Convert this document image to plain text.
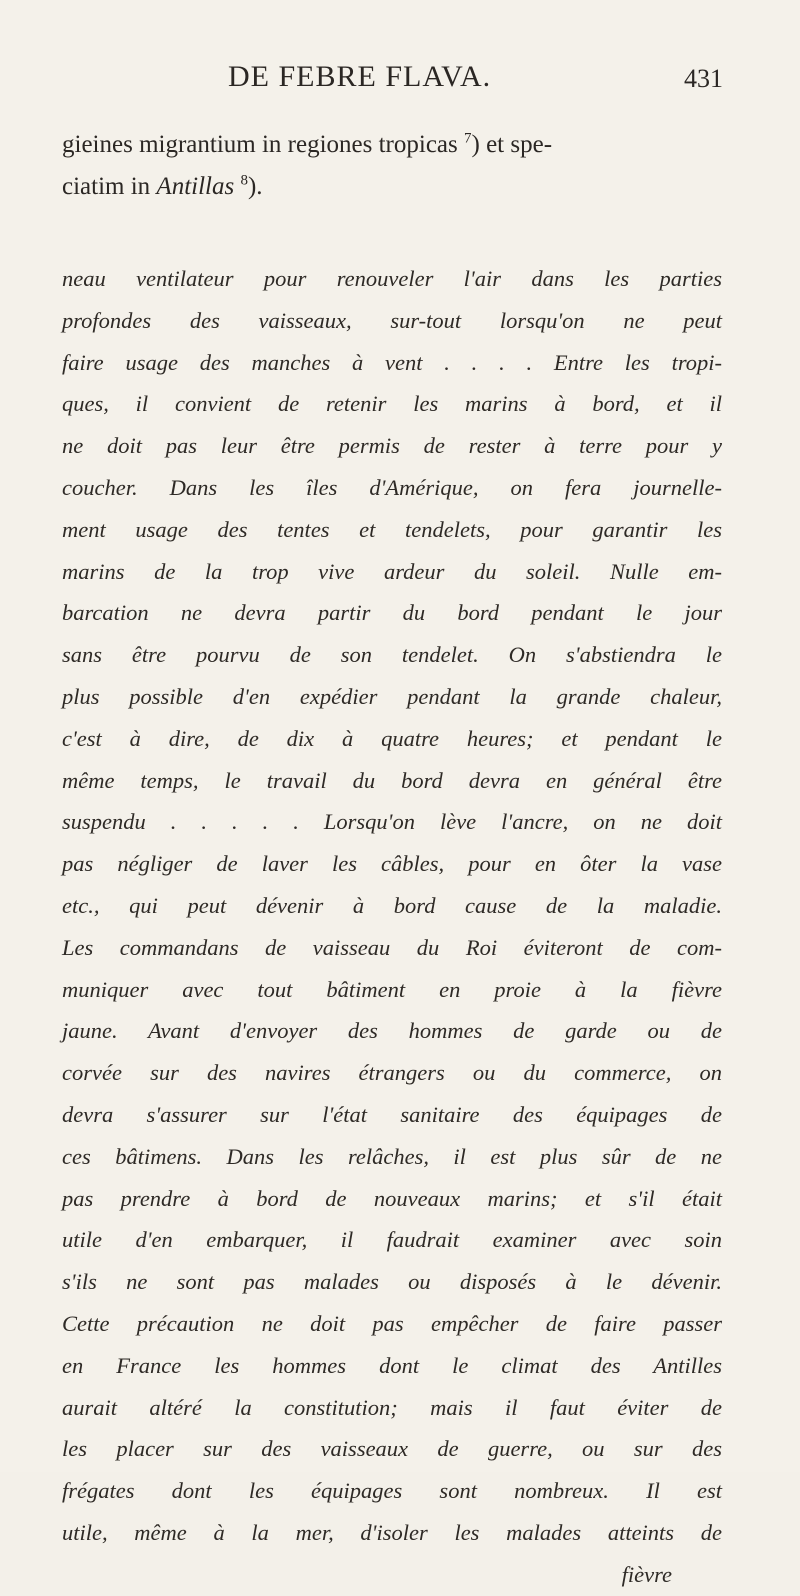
DE FEBRE FLAVA.	431
gieines migrantium in regiones tropicas $^7$) et spe-
ciatim in Antillas $^8$).
neau ventilateur pour renouveler l'air dans les parties
profondes des vaisseaux, sur-tout lorsqu'on ne peut
faire usage des manches à vent . . . . Entre les tropi-
ques, il convient de retenir les marins à bord, et il
ne doit pas leur être permis de rester à terre pour y
coucher. Dans les îles d'Amérique, on fera journelle-
ment usage des tentes et tendelets, pour garantir les
marins de la trop vive ardeur du soleil. Nulle em-
barcation ne devra partir du bord pendant le jour
sans être pourvu de son tendelet. On s'abstiendra le
plus possible d'en expédier pendant la grande chaleur,
c'est à dire, de dix à quatre heures; et pendant le
même temps, le travail du bord devra en général être
suspendu . . . . . Lorsqu'on lève l'ancre, on ne doit
pas négliger de laver les câbles, pour en ôter la vase
etc., qui peut dévenir à bord cause de la maladie.
Les commandans de vaisseau du Roi éviteront de com-
muniquer avec tout bâtiment en proie à la fièvre
jaune. Avant d'envoyer des hommes de garde ou de
corvée sur des navires étrangers ou du commerce, on
devra s'assurer sur l'état sanitaire des équipages de
ces bâtimens. Dans les relâches, il est plus sûr de ne
pas prendre à bord de nouveaux marins; et s'il était
utile d'en embarquer, il faudrait examiner avec soin
s'ils ne sont pas malades ou disposés à le dévenir.
Cette précaution ne doit pas empêcher de faire passer
en France les hommes dont le climat des Antilles
aurait altéré la constitution; mais il faut éviter de
les placer sur des vaisseaux de guerre, ou sur des
frégates dont les équipages sont nombreux. Il est
utile, même à la mer, d'isoler les malades atteints de
fièvre
